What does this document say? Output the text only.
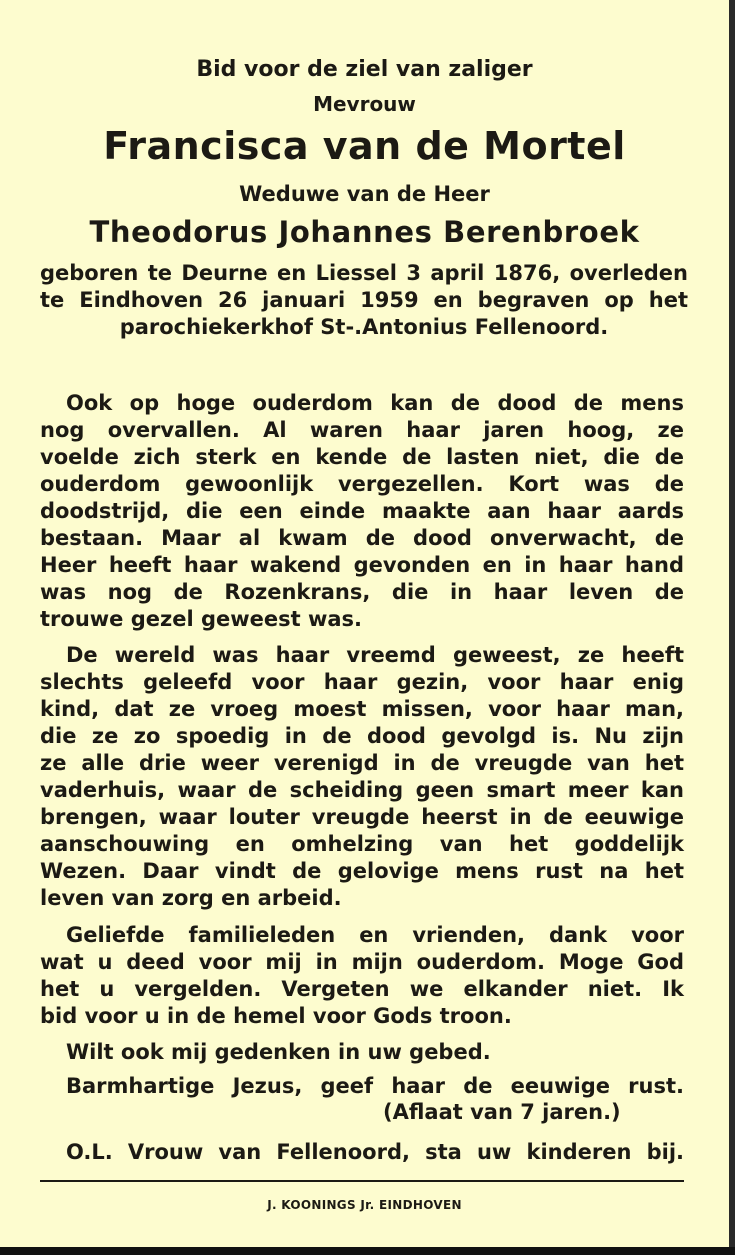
Bid voor de ziel van zaliger
Mevrouw
Francisca van de Mortel
Weduwe van de Heer
Theodorus Johannes Berenbroek
geboren te Deurne en Liessel 3 april 1876, overleden
te Eindhoven 26 januari 1959 en begraven op het
parochiekerkhof St-.Antonius Fellenoord.
Ook op hoge ouderdom kan de dood de mens
nog overvallen. Al waren haar jaren hoog, ze
voelde zich sterk en kende de lasten niet, die de
ouderdom gewoonlijk vergezellen. Kort was de
doodstrijd, die een einde maakte aan haar aards
bestaan. Maar al kwam de dood onverwacht, de
Heer heeft haar wakend gevonden en in haar hand
was nog de Rozenkrans, die in haar leven de
trouwe gezel geweest was.
De wereld was haar vreemd geweest, ze heeft
slechts geleefd voor haar gezin, voor haar enig
kind, dat ze vroeg moest missen, voor haar man,
die ze zo spoedig in de dood gevolgd is. Nu zijn
ze alle drie weer verenigd in de vreugde van het
vaderhuis, waar de scheiding geen smart meer kan
brengen, waar louter vreugde heerst in de eeuwige
aanschouwing en omhelzing van het goddelijk
Wezen. Daar vindt de gelovige mens rust na het
leven van zorg en arbeid.
Geliefde familieleden en vrienden, dank voor
wat u deed voor mij in mijn ouderdom. Moge God
het u vergelden. Vergeten we elkander niet. Ik
bid voor u in de hemel voor Gods troon.
Wilt ook mij gedenken in uw gebed.
Barmhartige Jezus, geef haar de eeuwige rust.
(Aflaat van 7 jaren.)
O.L. Vrouw van Fellenoord, sta uw kinderen bij.
J. KOONINGS Jr. EINDHOVEN
